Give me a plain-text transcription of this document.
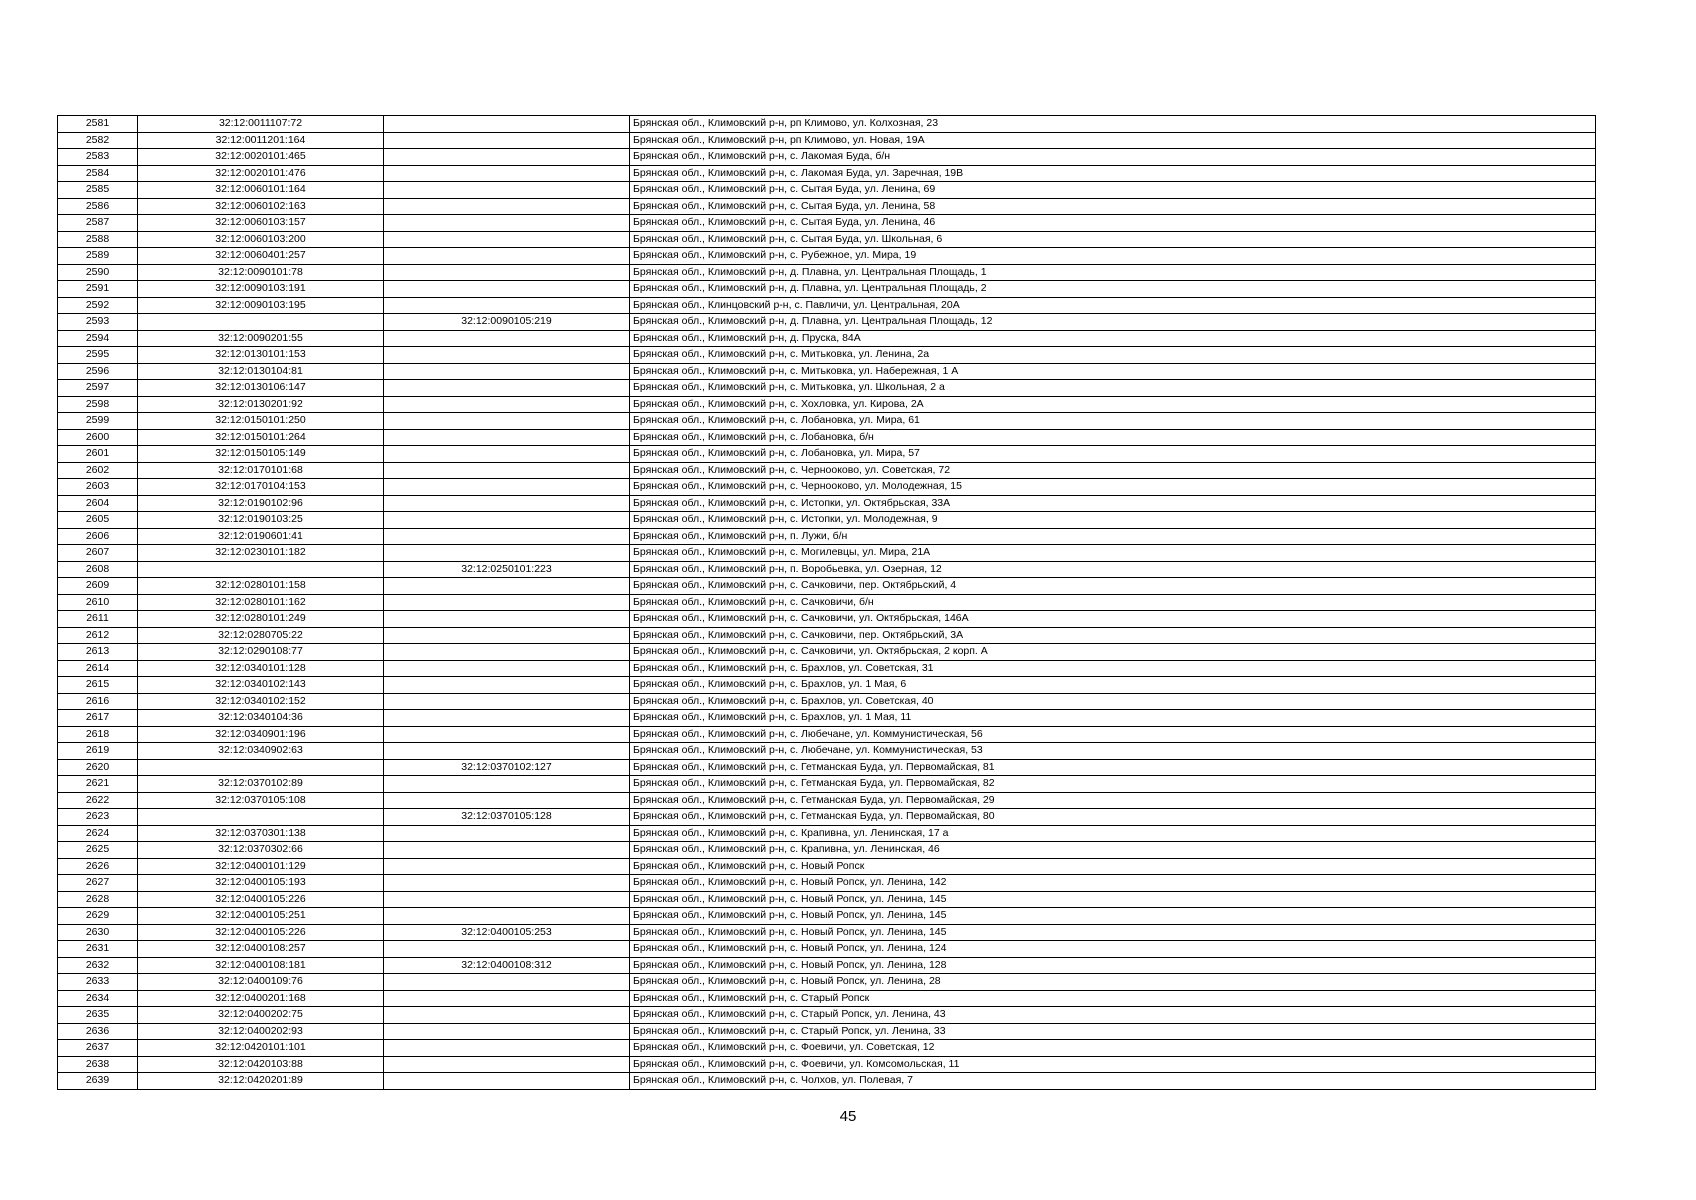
2581	32:12:0011107:72		Брянская обл., Климовский р-н, рп Климово, ул. Колхозная, 23
2582	32:12:0011201:164		Брянская обл., Климовский р-н, рп Климово, ул. Новая, 19А
2583	32:12:0020101:465		Брянская обл., Климовский р-н, с. Лакомая Буда, б/н
2584	32:12:0020101:476		Брянская обл., Климовский р-н, с. Лакомая Буда, ул. Заречная, 19В
2585	32:12:0060101:164		Брянская обл., Климовский р-н, с. Сытая Буда, ул. Ленина, 69
2586	32:12:0060102:163		Брянская обл., Климовский р-н, с. Сытая Буда, ул. Ленина, 58
2587	32:12:0060103:157		Брянская обл., Климовский р-н, с. Сытая Буда, ул. Ленина, 46
2588	32:12:0060103:200		Брянская обл., Климовский р-н, с. Сытая Буда, ул. Школьная, 6
2589	32:12:0060401:257		Брянская обл., Климовский р-н, с. Рубежное, ул. Мира, 19
2590	32:12:0090101:78		Брянская обл., Климовский р-н, д. Плавна, ул. Центральная Площадь, 1
2591	32:12:0090103:191		Брянская обл., Климовский р-н, д. Плавна, ул. Центральная Площадь, 2
2592	32:12:0090103:195		Брянская обл., Клинцовский р-н, с. Павличи, ул. Центральная, 20А
2593		32:12:0090105:219	Брянская обл., Климовский р-н, д. Плавна, ул. Центральная Площадь, 12
2594	32:12:0090201:55		Брянская обл., Климовский р-н, д. Пруска, 84А
2595	32:12:0130101:153		Брянская обл., Климовский р-н, с. Митьковка, ул. Ленина, 2а
2596	32:12:0130104:81		Брянская обл., Климовский р-н, с. Митьковка, ул. Набережная, 1 А
2597	32:12:0130106:147		Брянская обл., Климовский р-н, с. Митьковка, ул. Школьная, 2 а
2598	32:12:0130201:92		Брянская обл., Климовский р-н, с. Хохловка, ул. Кирова, 2А
2599	32:12:0150101:250		Брянская обл., Климовский р-н, с. Лобановка, ул. Мира, 61
2600	32:12:0150101:264		Брянская обл., Климовский р-н, с. Лобановка, б/н
2601	32:12:0150105:149		Брянская обл., Климовский р-н, с. Лобановка, ул. Мира, 57
2602	32:12:0170101:68		Брянская обл., Климовский р-н, с. Чернооково, ул. Советская, 72
2603	32:12:0170104:153		Брянская обл., Климовский р-н, с. Чернооково, ул. Молодежная, 15
2604	32:12:0190102:96		Брянская обл., Климовский р-н, с. Истопки, ул. Октябрьская, 33А
2605	32:12:0190103:25		Брянская обл., Климовский р-н, с. Истопки, ул. Молодежная, 9
2606	32:12:0190601:41		Брянская обл., Климовский р-н, п. Лужи, б/н
2607	32:12:0230101:182		Брянская обл., Климовский р-н, с. Могилевцы, ул. Мира, 21А
2608		32:12:0250101:223	Брянская обл., Климовский р-н, п. Воробьевка, ул. Озерная, 12
2609	32:12:0280101:158		Брянская обл., Климовский р-н, с. Сачковичи, пер. Октябрьский, 4
2610	32:12:0280101:162		Брянская обл., Климовский р-н, с. Сачковичи, б/н
2611	32:12:0280101:249		Брянская обл., Климовский р-н, с. Сачковичи, ул. Октябрьская, 146А
2612	32:12:0280705:22		Брянская обл., Климовский р-н, с. Сачковичи, пер. Октябрьский, 3А
2613	32:12:0290108:77		Брянская обл., Климовский р-н, с. Сачковичи, ул. Октябрьская, 2 корп. А
2614	32:12:0340101:128		Брянская обл., Климовский р-н, с. Брахлов, ул. Советская, 31
2615	32:12:0340102:143		Брянская обл., Климовский р-н, с. Брахлов, ул. 1 Мая, 6
2616	32:12:0340102:152		Брянская обл., Климовский р-н, с. Брахлов, ул. Советская, 40
2617	32:12:0340104:36		Брянская обл., Климовский р-н, с. Брахлов, ул. 1 Мая, 11
2618	32:12:0340901:196		Брянская обл., Климовский р-н, с. Любечане, ул. Коммунистическая, 56
2619	32:12:0340902:63		Брянская обл., Климовский р-н, с. Любечане, ул. Коммунистическая, 53
2620		32:12:0370102:127	Брянская обл., Климовский р-н, с. Гетманская Буда, ул. Первомайская, 81
2621	32:12:0370102:89		Брянская обл., Климовский р-н, с. Гетманская Буда, ул. Первомайская, 82
2622	32:12:0370105:108		Брянская обл., Климовский р-н, с. Гетманская Буда, ул. Первомайская, 29
2623		32:12:0370105:128	Брянская обл., Климовский р-н, с. Гетманская Буда, ул. Первомайская, 80
2624	32:12:0370301:138		Брянская обл., Климовский р-н, с. Крапивна, ул. Ленинская, 17 а
2625	32:12:0370302:66		Брянская обл., Климовский р-н, с. Крапивна, ул. Ленинская, 46
2626	32:12:0400101:129		Брянская обл., Климовский р-н, с. Новый Ропск
2627	32:12:0400105:193		Брянская обл., Климовский р-н, с. Новый Ропск, ул. Ленина, 142
2628	32:12:0400105:226		Брянская обл., Климовский р-н, с. Новый Ропск, ул. Ленина, 145
2629	32:12:0400105:251		Брянская обл., Климовский р-н, с. Новый Ропск, ул. Ленина, 145
2630	32:12:0400105:226	32:12:0400105:253	Брянская обл., Климовский р-н, с. Новый Ропск, ул. Ленина, 145
2631	32:12:0400108:257		Брянская обл., Климовский р-н, с. Новый Ропск, ул. Ленина, 124
2632	32:12:0400108:181	32:12:0400108:312	Брянская обл., Климовский р-н, с. Новый Ропск, ул. Ленина, 128
2633	32:12:0400109:76		Брянская обл., Климовский р-н, с. Новый Ропск, ул. Ленина, 28
2634	32:12:0400201:168		Брянская обл., Климовский р-н, с. Старый Ропск
2635	32:12:0400202:75		Брянская обл., Климовский р-н, с. Старый Ропск, ул. Ленина, 43
2636	32:12:0400202:93		Брянская обл., Климовский р-н, с. Старый Ропск, ул. Ленина, 33
2637	32:12:0420101:101		Брянская обл., Климовский р-н, с. Фоевичи, ул. Советская, 12
2638	32:12:0420103:88		Брянская обл., Климовский р-н, с. Фоевичи, ул. Комсомольская, 11
2639	32:12:0420201:89		Брянская обл., Климовский р-н, с. Чолхов, ул. Полевая, 7
45
